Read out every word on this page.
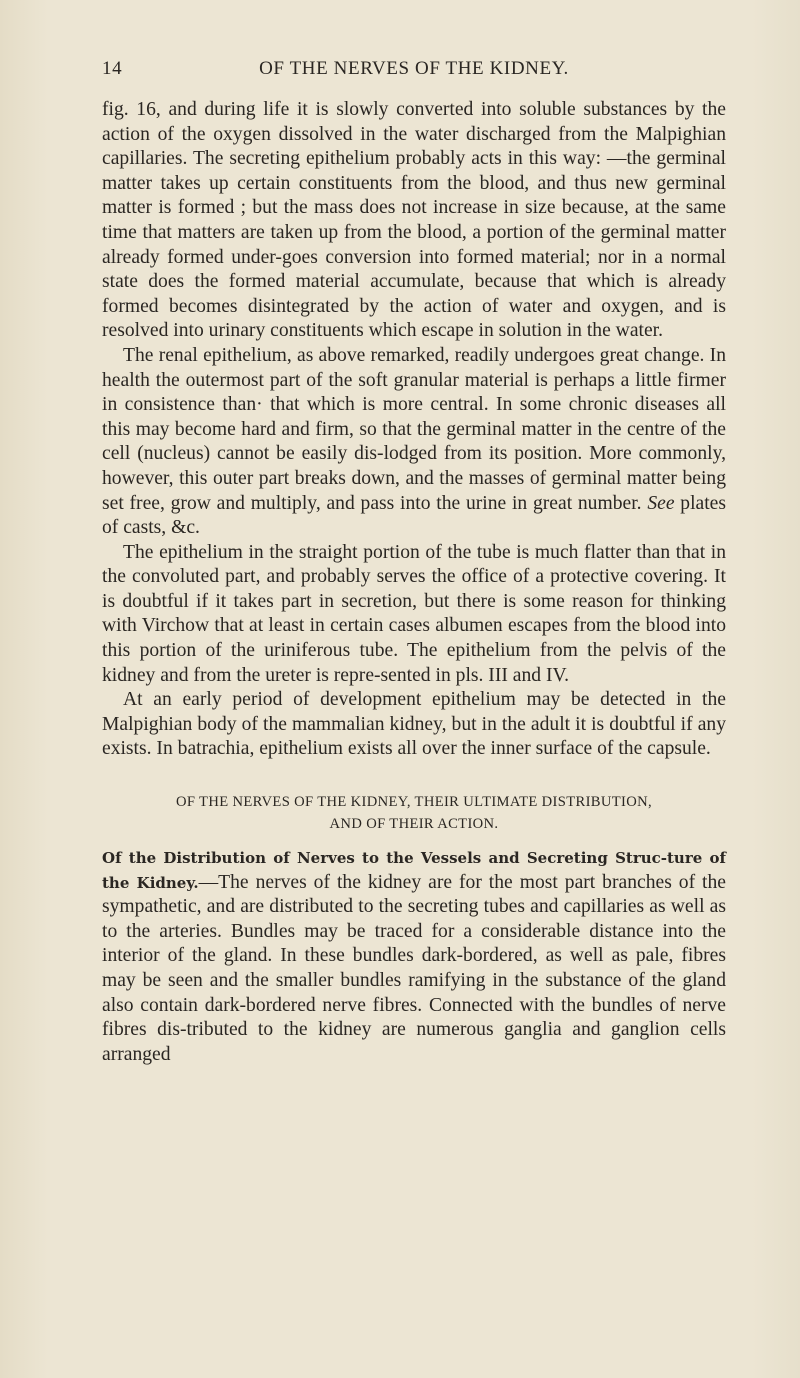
14	OF THE NERVES OF THE KIDNEY.

fig. 16, and during life it is slowly converted into soluble substances by the action of the oxygen dissolved in the water discharged from the Malpighian capillaries. The secreting epithelium probably acts in this way: —the germinal matter takes up certain constituents from the blood, and thus new germinal matter is formed ; but the mass does not increase in size because, at the same time that matters are taken up from the blood, a portion of the germinal matter already formed under-goes conversion into formed material; nor in a normal state does the formed material accumulate, because that which is already formed becomes disintegrated by the action of water and oxygen, and is resolved into urinary constituents which escape in solution in the water.

The renal epithelium, as above remarked, readily undergoes great change. In health the outermost part of the soft granular material is perhaps a little firmer in consistence than· that which is more central. In some chronic diseases all this may become hard and firm, so that the germinal matter in the centre of the cell (nucleus) cannot be easily dis-lodged from its position. More commonly, however, this outer part breaks down, and the masses of germinal matter being set free, grow and multiply, and pass into the urine in great number. See plates of casts, &c.

The epithelium in the straight portion of the tube is much flatter than that in the convoluted part, and probably serves the office of a protective covering. It is doubtful if it takes part in secretion, but there is some reason for thinking with Virchow that at least in certain cases albumen escapes from the blood into this portion of the uriniferous tube. The epithelium from the pelvis of the kidney and from the ureter is repre-sented in pls. III and IV.

At an early period of development epithelium may be detected in the Malpighian body of the mammalian kidney, but in the adult it is doubtful if any exists. In batrachia, epithelium exists all over the inner surface of the capsule.

OF THE NERVES OF THE KIDNEY, THEIR ULTIMATE DISTRIBUTION,
AND OF THEIR ACTION.

Of the Distribution of Nerves to the Vessels and Secreting Struc-ture of the Kidney.—The nerves of the kidney are for the most part branches of the sympathetic, and are distributed to the secreting tubes and capillaries as well as to the arteries. Bundles may be traced for a considerable distance into the interior of the gland. In these bundles dark-bordered, as well as pale, fibres may be seen and the smaller bundles ramifying in the substance of the gland also contain dark-bordered nerve fibres. Connected with the bundles of nerve fibres dis-tributed to the kidney are numerous ganglia and ganglion cells arranged
